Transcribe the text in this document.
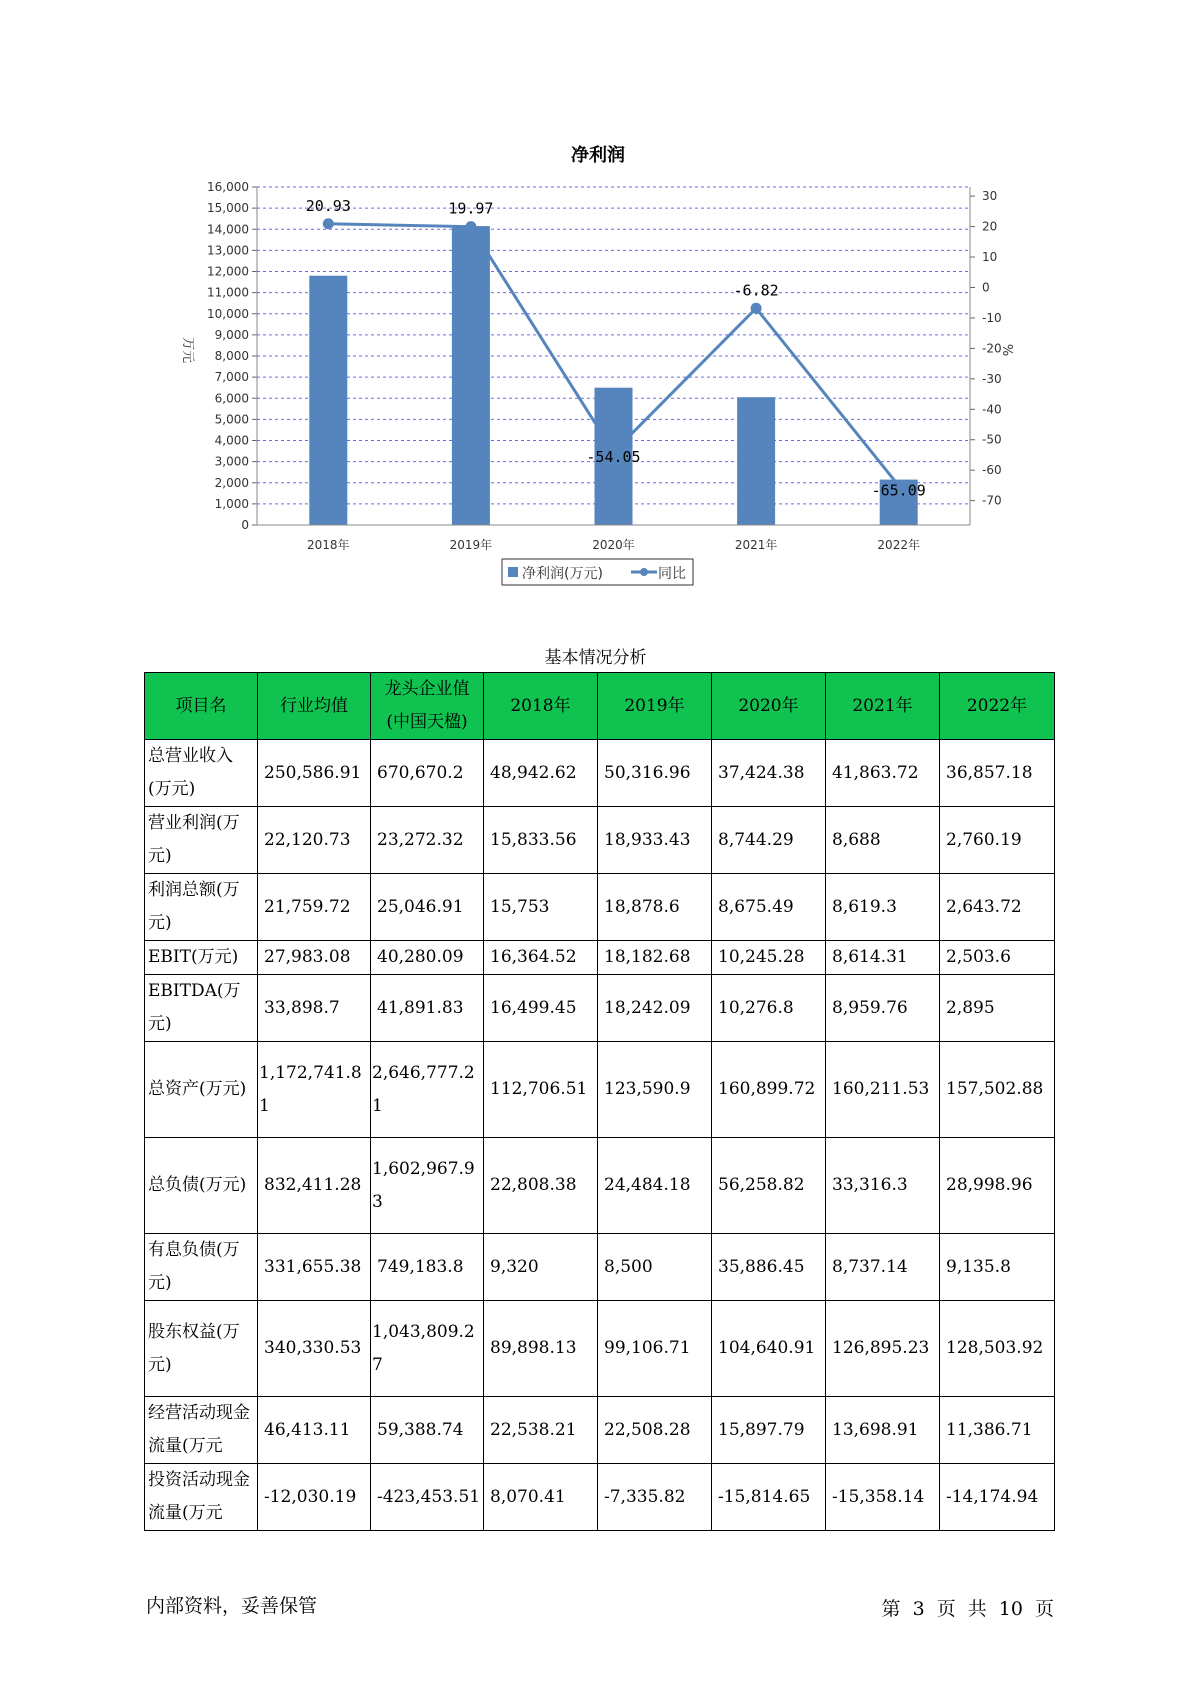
净利润
0
1,000
2,000
3,000
4,000
5,000
6,000
7,000
8,000
9,000
10,000
11,000
12,000
13,000
14,000
15,000
16,000
30
20
10
0
-10
-20
-30
-40
-50
-60
-70
2018年	2019年	2020年	2021年	2022年
20.93	19.97
-54.05
-6.82
-65.09
万元	%
净利润(万元)	同比
基本情况分析
项目名	行业均值	龙头企业值(中国天楹)	2018年	2019年	2020年	2021年	2022年
总营业收入(万元)	250,586.91	670,670.2	48,942.62	50,316.96	37,424.38	41,863.72	36,857.18
营业利润(万元)	22,120.73	23,272.32	15,833.56	18,933.43	8,744.29	8,688	2,760.19
利润总额(万元)	21,759.72	25,046.91	15,753	18,878.6	8,675.49	8,619.3	2,643.72
EBIT(万元)	27,983.08	40,280.09	16,364.52	18,182.68	10,245.28	8,614.31	2,503.6
EBITDA(万元)	33,898.7	41,891.83	16,499.45	18,242.09	10,276.8	8,959.76	2,895
总资产(万元)	1,172,741.81	2,646,777.21	112,706.51	123,590.9	160,899.72	160,211.53	157,502.88
总负债(万元)	832,411.28	1,602,967.93	22,808.38	24,484.18	56,258.82	33,316.3	28,998.96
有息负债(万元)	331,655.38	749,183.8	9,320	8,500	35,886.45	8,737.14	9,135.8
股东权益(万元)	340,330.53	1,043,809.27	89,898.13	99,106.71	104,640.91	126,895.23	128,503.92
经营活动现金流量(万元	46,413.11	59,388.74	22,538.21	22,508.28	15,897.79	13,698.91	11,386.71
投资活动现金流量(万元	-12,030.19	-423,453.51	8,070.41	-7,335.82	-15,814.65	-15,358.14	-14,174.94
内部资料，妥善保管	第 3 页 共 10 页
